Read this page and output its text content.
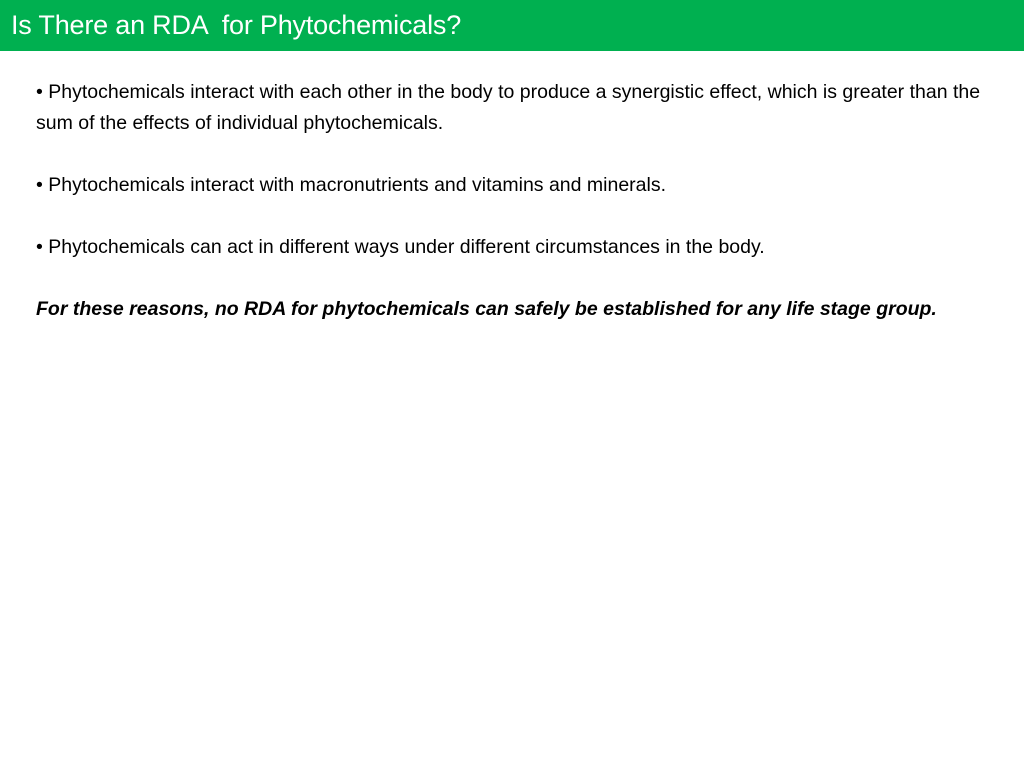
Is There an RDA  for Phytochemicals?

• Phytochemicals interact with each other in the body to produce a synergistic effect, which is greater than the sum of the effects of individual phytochemicals.

• Phytochemicals interact with macronutrients and vitamins and minerals.

• Phytochemicals can act in different ways under different circumstances in the body.

For these reasons, no RDA for phytochemicals can safely be established for any life stage group.
